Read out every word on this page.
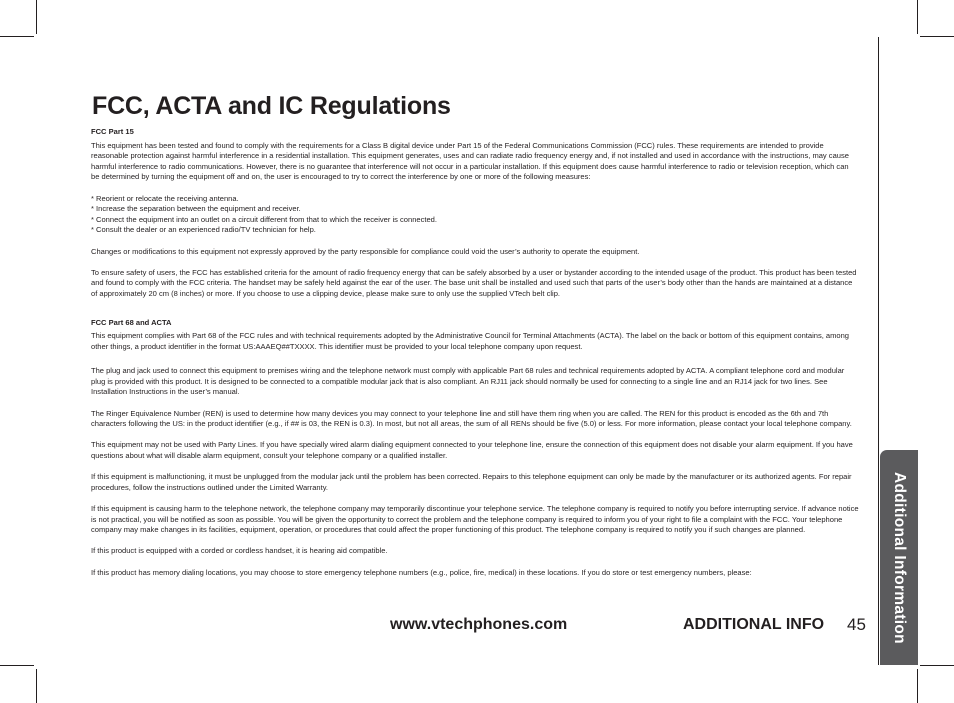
Additional Information
FCC, ACTA and IC Regulations

FCC Part 15

This equipment has been tested and found to comply with the requirements for a Class B digital device under Part 15 of the Federal Communications Commission (FCC) rules. These requirements are intended to provide reasonable protection against harmful interference in a residential installation. This equipment generates, uses and can radiate radio frequency energy and, if not installed and used in accordance with the instructions, may cause harmful interference to radio communications. However, there is no guarantee that interference will not occur in a particular installation. If this equipment does cause harmful interference to radio or television reception, which can be determined by turning the equipment off and on, the user is encouraged to try to correct the interference by one or more of the following measures:

* Reorient or relocate the receiving antenna.
* Increase the separation between the equipment and receiver.
* Connect the equipment into an outlet on a circuit different from that to which the receiver is connected.
* Consult the dealer or an experienced radio/TV technician for help.

Changes or modifications to this equipment not expressly approved by the party responsible for compliance could void the user’s authority to operate the equipment.

To ensure safety of users, the FCC has established criteria for the amount of radio frequency energy that can be safely absorbed by a user or bystander according to the intended usage of the product. This product has been tested and found to comply with the FCC criteria. The handset may be safely held against the ear of the user. The base unit shall be installed and used such that parts of the user’s body other than the hands are maintained at a distance of approximately 20 cm (8 inches) or more. If you choose to use a clipping device, please make sure to only use the supplied VTech belt clip.

FCC Part 68 and ACTA

This equipment complies with Part 68 of the FCC rules and with technical requirements adopted by the Administrative Council for Terminal Attachments (ACTA). The label on the back or bottom of this equipment contains, among other things, a product identifier in the format US:AAAEQ##TXXXX. This identifier must be provided to your local telephone company upon request.

The plug and jack used to connect this equipment to premises wiring and the telephone network must comply with applicable Part 68 rules and technical requirements adopted by ACTA. A compliant telephone cord and modular plug is provided with this product. It is designed to be connected to a compatible modular jack that is also compliant. An RJ11 jack should normally be used for connecting to a single line and an RJ14 jack for two lines. See Installation Instructions in the user’s manual.

The Ringer Equivalence Number (REN) is used to determine how many devices you may connect to your telephone line and still have them ring when you are called. The REN for this product is encoded as the 6th and 7th characters following the US: in the product identifier (e.g., if ## is 03, the REN is 0.3). In most, but not all areas, the sum of all RENs should be five (5.0) or less. For more information, please contact your local telephone company.

This equipment may not be used with Party Lines. If you have specially wired alarm dialing equipment connected to your telephone line, ensure the connection of this equipment does not disable your alarm equipment. If you have questions about what will disable alarm equipment, consult your telephone company or a qualified installer.

If this equipment is malfunctioning, it must be unplugged from the modular jack until the problem has been corrected. Repairs to this telephone equipment can only be made by the manufacturer or its authorized agents. For repair procedures, follow the instructions outlined under the Limited Warranty.

If this equipment is causing harm to the telephone network, the telephone company may temporarily discontinue your telephone service. The telephone company is required to notify you before interrupting service. If advance notice is not practical, you will be notified as soon as possible. You will be given the opportunity to correct the problem and the telephone company is required to inform you of your right to file a complaint with the FCC. Your telephone company may make changes in its facilities, equipment, operation, or procedures that could affect the proper functioning of this product. The telephone company is required to notify you if such changes are planned.

If this product is equipped with a corded or cordless handset, it is hearing aid compatible.

If this product has memory dialing locations, you may choose to store emergency telephone numbers (e.g., police, fire, medical) in these locations. If you do store or test emergency numbers, please:

www.vtechphones.com	ADDITIONAL INFO 45
